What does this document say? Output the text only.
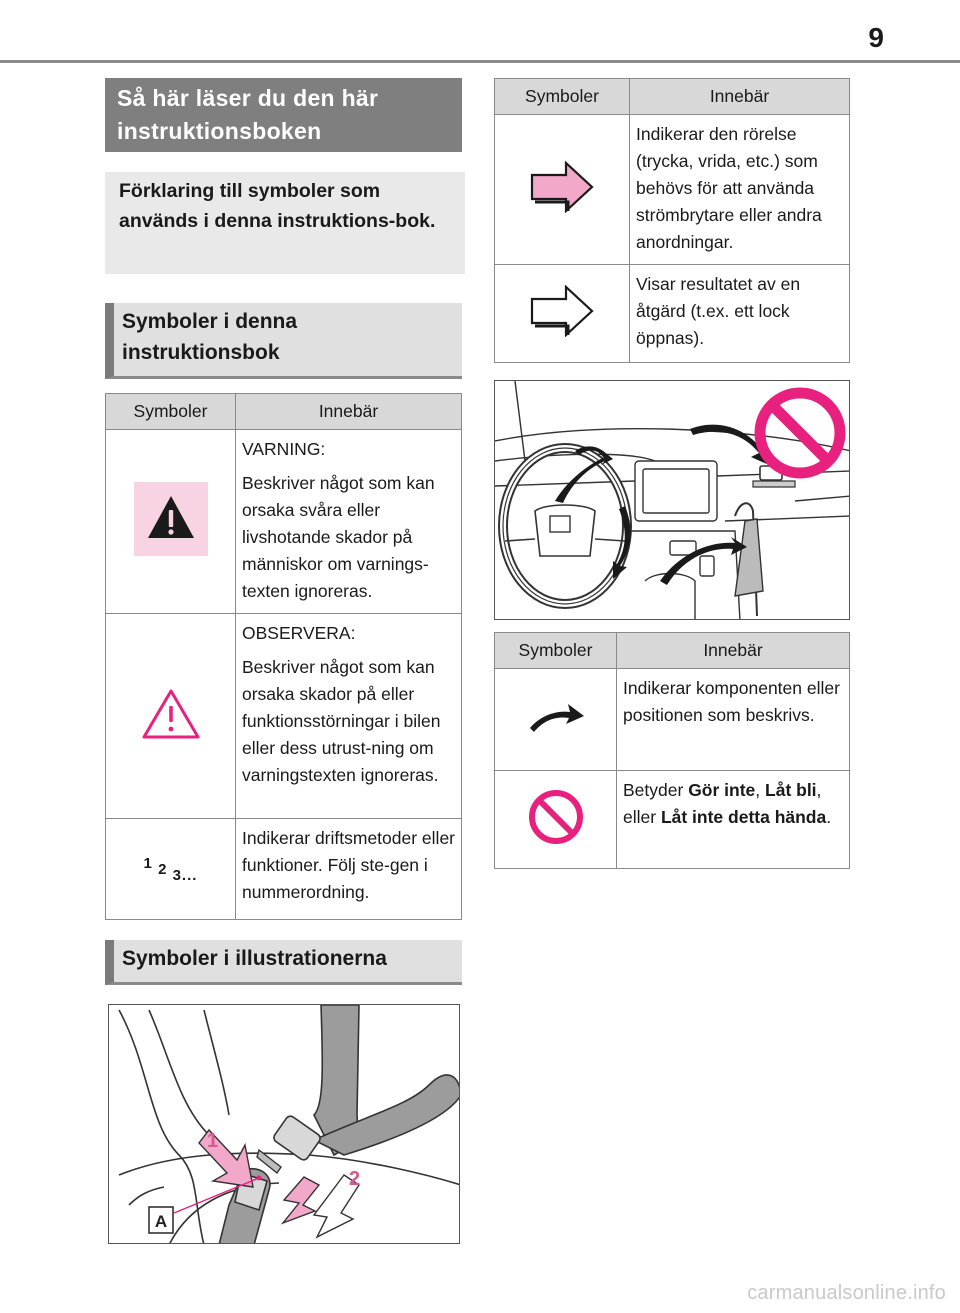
9
Så här läser du den här instruktionsboken
Förklaring till symboler som används i denna instruktions-bok.
Symboler i denna instruktionsbok
Symboler	Innebär

VARNING:
Beskriver något som kan orsaka svåra eller livshotande skador på människor om varnings-texten ignoreras.

OBSERVERA:
Beskriver något som kan orsaka skador på eller funktionsstörningar i bilen eller dess utrust-ning om varningstexten ignoreras.

1 2 3...	Indikerar driftsmetoder eller funktioner. Följ ste-gen i nummerordning.
Symboler i illustrationerna
1
2
A
Symboler	Innebär

Indikerar den rörelse (trycka, vrida, etc.) som behövs för att använda strömbrytare eller andra anordningar.

Visar resultatet av en åtgärd (t.ex. ett lock öppnas).
Symboler	Innebär

Indikerar komponenten eller positionen som beskrivs.

Betyder Gör inte, Låt bli, eller Låt inte detta hända.
carmanualsonline.info
